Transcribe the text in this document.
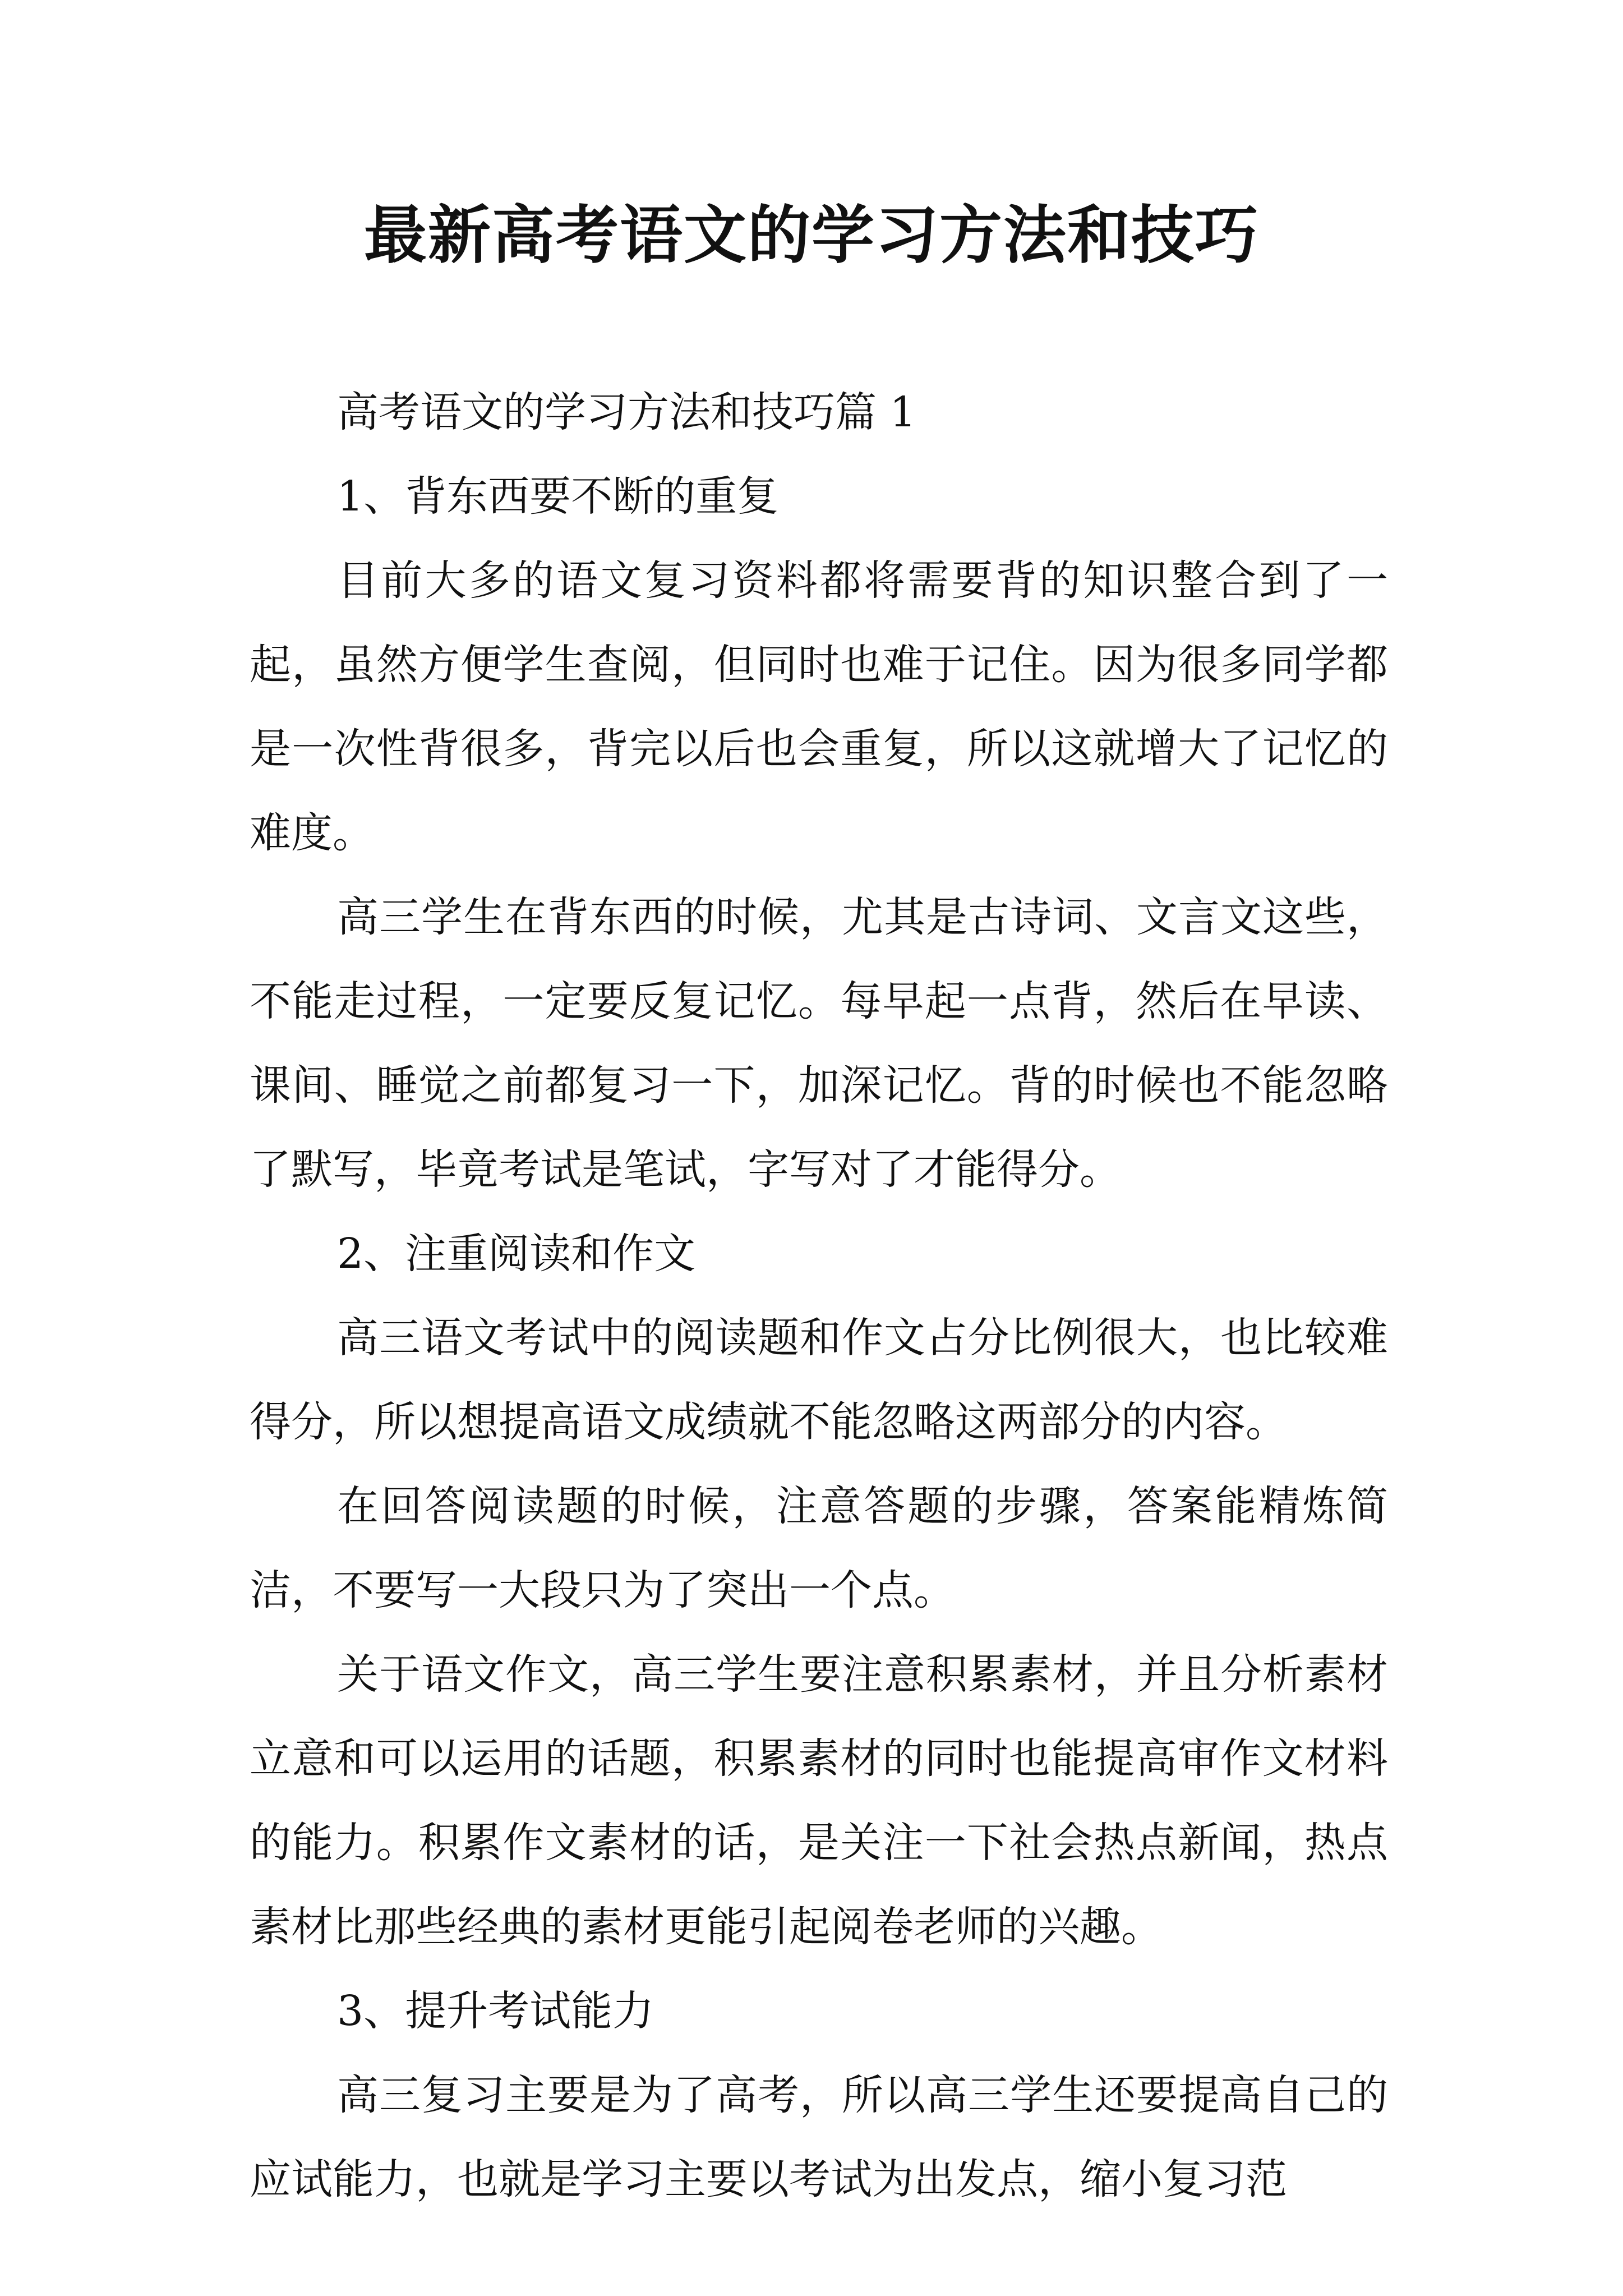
最新高考语文的学习方法和技巧

高考语文的学习方法和技巧篇 1

1、背东西要不断的重复

目前大多的语文复习资料都将需要背的知识整合到了一起，虽然方便学生查阅，但同时也难于记住。因为很多同学都是一次性背很多，背完以后也会重复，所以这就增大了记忆的难度。

高三学生在背东西的时候，尤其是古诗词、文言文这些，不能走过程，一定要反复记忆。每早起一点背，然后在早读、课间、睡觉之前都复习一下，加深记忆。背的时候也不能忽略了默写，毕竟考试是笔试，字写对了才能得分。

2、注重阅读和作文

高三语文考试中的阅读题和作文占分比例很大，也比较难得分，所以想提高语文成绩就不能忽略这两部分的内容。

在回答阅读题的时候，注意答题的步骤，答案能精炼简洁，不要写一大段只为了突出一个点。

关于语文作文，高三学生要注意积累素材，并且分析素材立意和可以运用的话题，积累素材的同时也能提高审作文材料的能力。积累作文素材的话，是关注一下社会热点新闻，热点素材比那些经典的素材更能引起阅卷老师的兴趣。

3、提升考试能力

高三复习主要是为了高考，所以高三学生还要提高自己的应试能力，也就是学习主要以考试为出发点，缩小复习范
